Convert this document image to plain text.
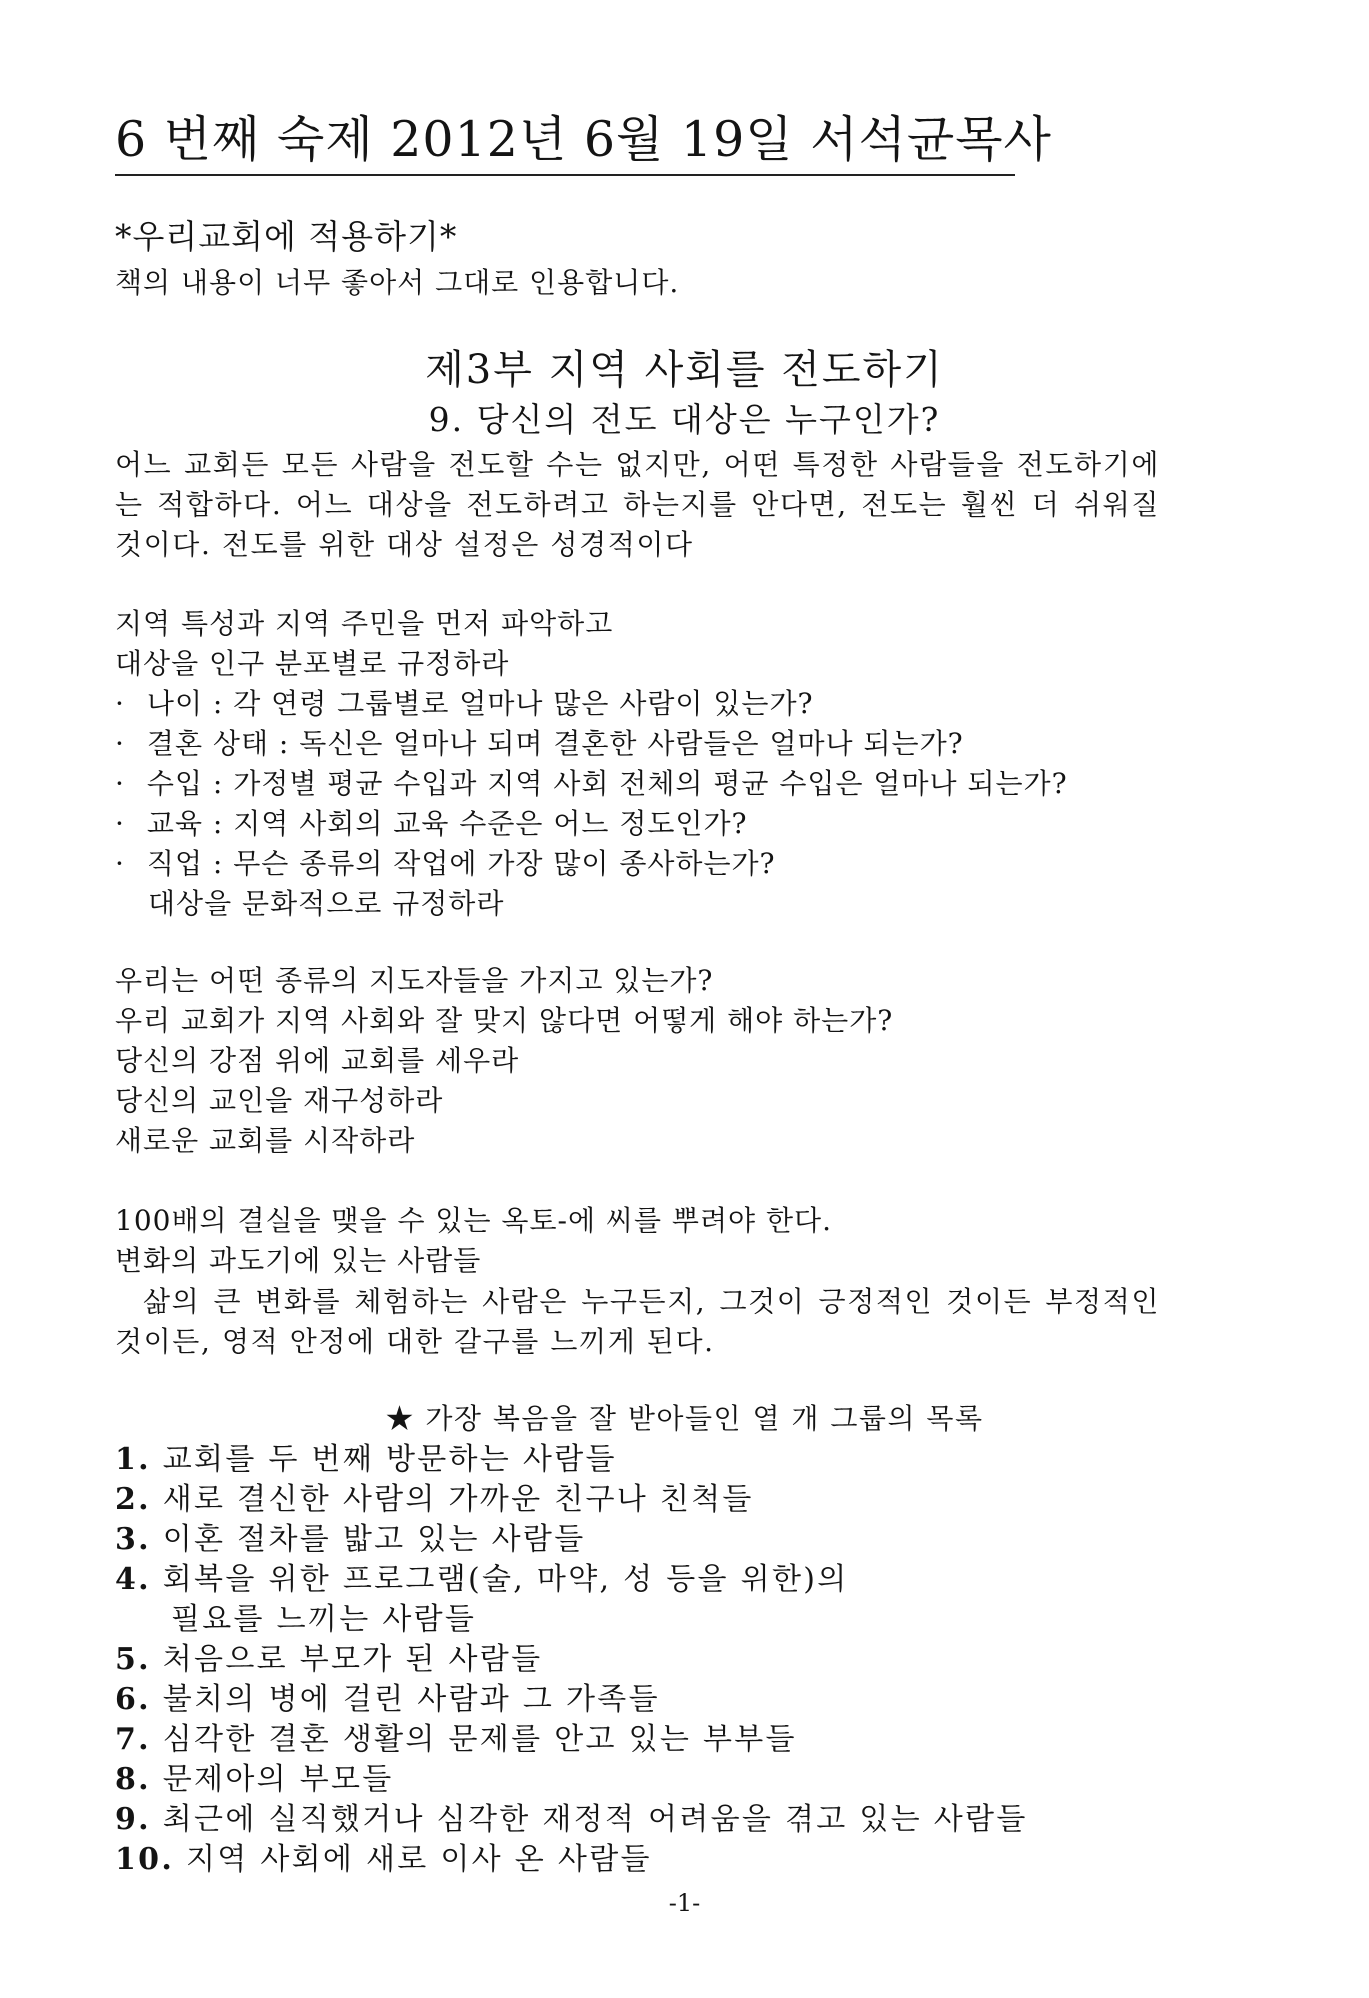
6 번째 숙제 2012년 6월 19일 서석균목사
*우리교회에 적용하기*
책의 내용이 너무 좋아서 그대로 인용합니다.
제3부 지역 사회를 전도하기
9. 당신의 전도 대상은 누구인가?
어느 교회든 모든 사람을 전도할 수는 없지만, 어떤 특정한 사람들을 전도하기에는 적합하다. 어느 대상을 전도하려고 하는지를 안다면, 전도는 훨씬 더 쉬워질 것이다. 전도를 위한 대상 설정은 성경적이다
지역 특성과 지역 주민을 먼저 파악하고
대상을 인구 분포별로 규정하라
· 나이 : 각 연령 그룹별로 얼마나 많은 사람이 있는가?
· 결혼 상태 : 독신은 얼마나 되며 결혼한 사람들은 얼마나 되는가?
· 수입 : 가정별 평균 수입과 지역 사회 전체의 평균 수입은 얼마나 되는가?
· 교육 : 지역 사회의 교육 수준은 어느 정도인가?
· 직업 : 무슨 종류의 작업에 가장 많이 종사하는가?
대상을 문화적으로 규정하라
우리는 어떤 종류의 지도자들을 가지고 있는가?
우리 교회가 지역 사회와 잘 맞지 않다면 어떻게 해야 하는가?
당신의 강점 위에 교회를 세우라
당신의 교인을 재구성하라
새로운 교회를 시작하라
100배의 결실을 맺을 수 있는 옥토-에 씨를 뿌려야 한다.
변화의 과도기에 있는 사람들
삶의 큰 변화를 체험하는 사람은 누구든지, 그것이 긍정적인 것이든 부정적인 것이든, 영적 안정에 대한 갈구를 느끼게 된다.
★ 가장 복음을 잘 받아들인 열 개 그룹의 목록
1. 교회를 두 번째 방문하는 사람들
2. 새로 결신한 사람의 가까운 친구나 친척들
3. 이혼 절차를 밟고 있는 사람들
4. 회복을 위한 프로그램(술, 마약, 성 등을 위한)의
필요를 느끼는 사람들
5. 처음으로 부모가 된 사람들
6. 불치의 병에 걸린 사람과 그 가족들
7. 심각한 결혼 생활의 문제를 안고 있는 부부들
8. 문제아의 부모들
9. 최근에 실직했거나 심각한 재정적 어려움을 겪고 있는 사람들
10. 지역 사회에 새로 이사 온 사람들
-1-
